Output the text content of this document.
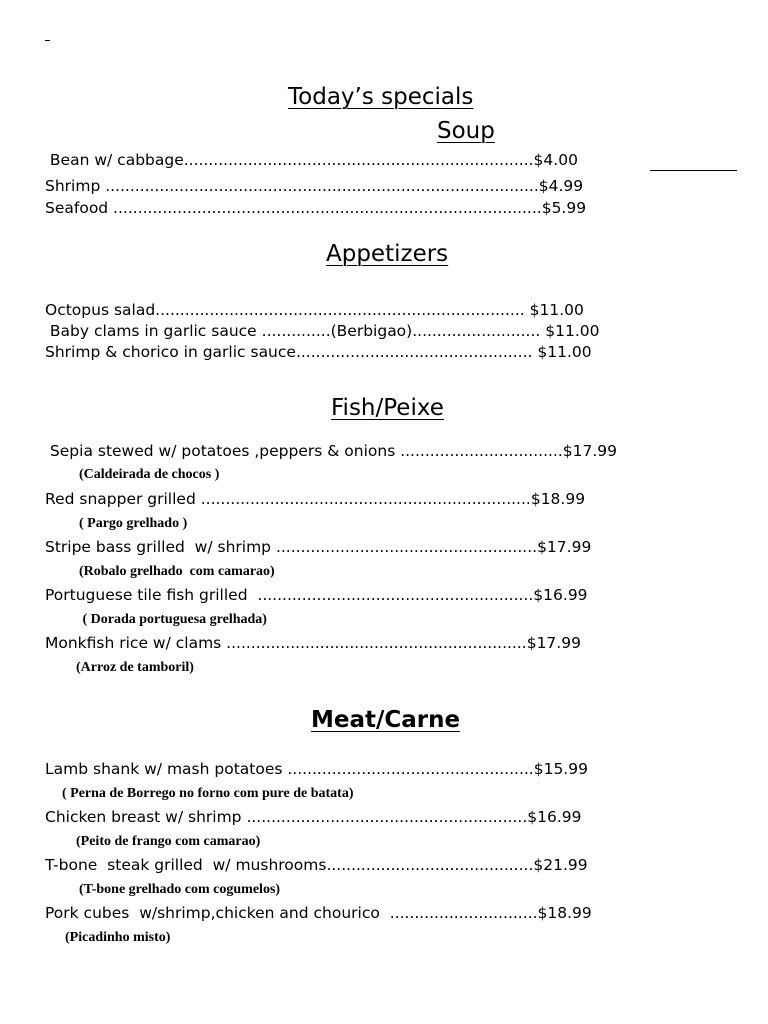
Today’s specials
Soup
Bean w/ cabbage.......................................................................$4.00
Shrimp ........................................................................................$4.99
Seafood .......................................................................................$5.99
Appetizers
Octopus salad........................................................................... $11.00
Baby clams in garlic sauce ..............(Berbigao).......................... $11.00
Shrimp & chorico in garlic sauce................................................ $11.00
Fish/Peixe
Sepia stewed w/ potatoes ,peppers & onions .................................$17.99
(Caldeirada de chocos )
Red snapper grilled ...................................................................$18.99
( Pargo grelhado )
Stripe bass grilled  w/ shrimp .....................................................$17.99
(Robalo grelhado  com camarao)
Portuguese tile fish grilled  ........................................................$16.99
( Dorada portuguesa grelhada)
Monkfish rice w/ clams .............................................................$17.99
(Arroz de tamboril)
Meat/Carne
Lamb shank w/ mash potatoes ..................................................$15.99
( Perna de Borrego no forno com pure de batata)
Chicken breast w/ shrimp .........................................................$16.99
(Peito de frango com camarao)
T-bone  steak grilled  w/ mushrooms..........................................$21.99
(T-bone grelhado com cogumelos)
Pork cubes  w/shrimp,chicken and chourico  ..............................$18.99
(Picadinho misto)
